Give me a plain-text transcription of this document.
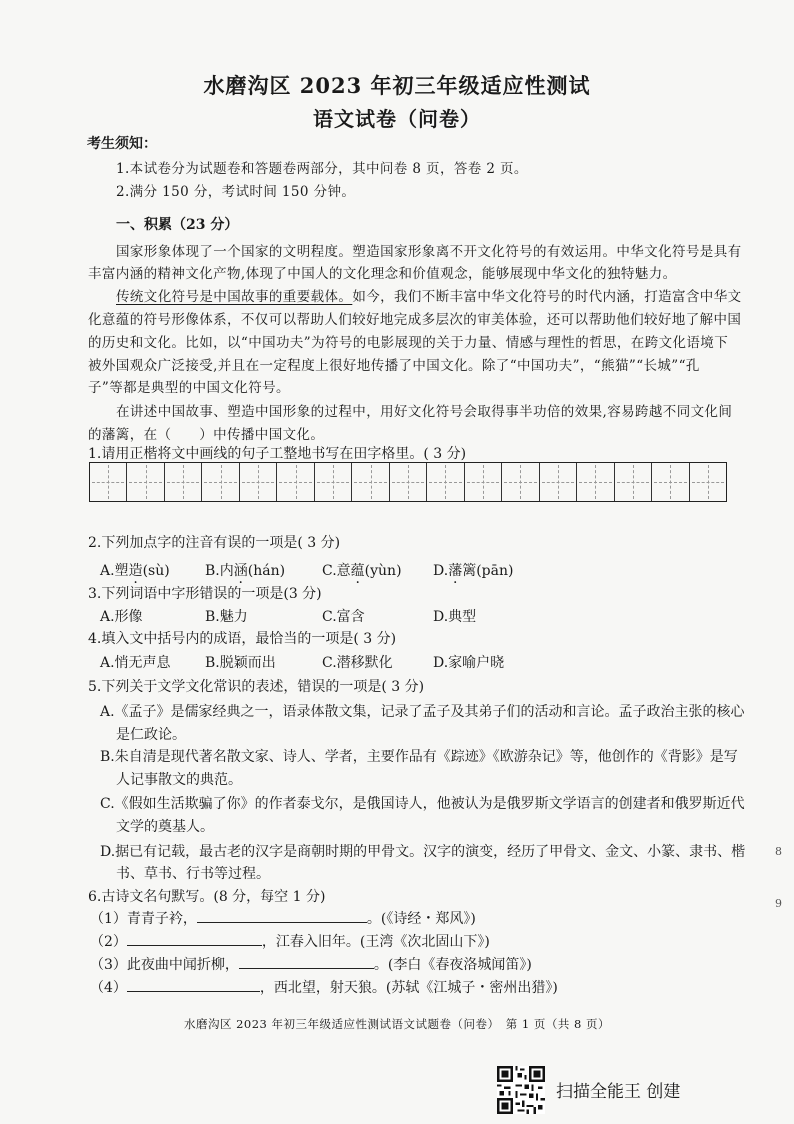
水磨沟区 2023 年初三年级适应性测试
语文试卷（问卷）
考生须知：
1.本试卷分为试题卷和答题卷两部分，其中问卷 8 页，答卷 2 页。
2.满分 150 分，考试时间 150 分钟。
一、积累（23 分）
国家形象体现了一个国家的文明程度。塑造国家形象离不开文化符号的有效运用。中华文化符号是具有
丰富内涵的精神文化产物,体现了中国人的文化理念和价值观念，能够展现中华文化的独特魅力。
传统文化符号是中国故事的重要载体。如今，我们不断丰富中华文化符号的时代内涵，打造富含中华文
化意蕴的符号形像体系，不仅可以帮助人们较好地完成多层次的审美体验，还可以帮助他们较好地了解中国
的历史和文化。比如，以“中国功夫”为符号的电影展现的关于力量、情感与理性的哲思，在跨文化语境下
被外国观众广泛接受,并且在一定程度上很好地传播了中国文化。除了“中国功夫”，“熊猫”“长城”“孔
子”等都是典型的中国文化符号。
在讲述中国故事、塑造中国形象的过程中，用好文化符号会取得事半功倍的效果,容易跨越不同文化间
的藩篱，在（　　）中传播中国文化。
1.请用正楷将文中画线的句子工整地书写在田字格里。( 3 分)
2.下列加点字的注音有误的一项是( 3 分)
A.塑造(sù)	B.内涵(hán)	C.意蕴(yùn) D.藩篱(pān)
3.下列词语中字形错误的一项是(3 分)
A.形像	B.魅力	C.富含	D.典型
4.填入文中括号内的成语，最恰当的一项是( 3 分)
A.悄无声息 B.脱颖而出	C.潜移默化	D.家喻户晓
5.下列关于文学文化常识的表述，错误的一项是( 3 分)
A.《孟子》是儒家经典之一，语录体散文集，记录了孟子及其弟子们的活动和言论。孟子政治主张的核心
是仁政论。
B.朱自清是现代著名散文家、诗人、学者，主要作品有《踪迹》《欧游杂记》等，他创作的《背影》是写
人记事散文的典范。
C.《假如生活欺骗了你》的作者泰戈尔，是俄国诗人，他被认为是俄罗斯文学语言的创建者和俄罗斯近代
文学的奠基人。
D.据已有记载，最古老的汉字是商朝时期的甲骨文。汉字的演变，经历了甲骨文、金文、小篆、隶书、楷
书、草书、行书等过程。
6.古诗文名句默写。(8 分，每空 1 分)
（1）青青子衿，	。(《诗经・郑风》)
（2）	，江春入旧年。(王湾《次北固山下》)
（3）此夜曲中闻折柳，	。(李白《春夜洛城闻笛》)
（4）	，西北望，射天狼。(苏轼《江城子・密州出猎》)
水磨沟区 2023 年初三年级适应性测试语文试题卷（问卷）　第 1 页（共 8 页）
扫描全能王 创建
8
9
